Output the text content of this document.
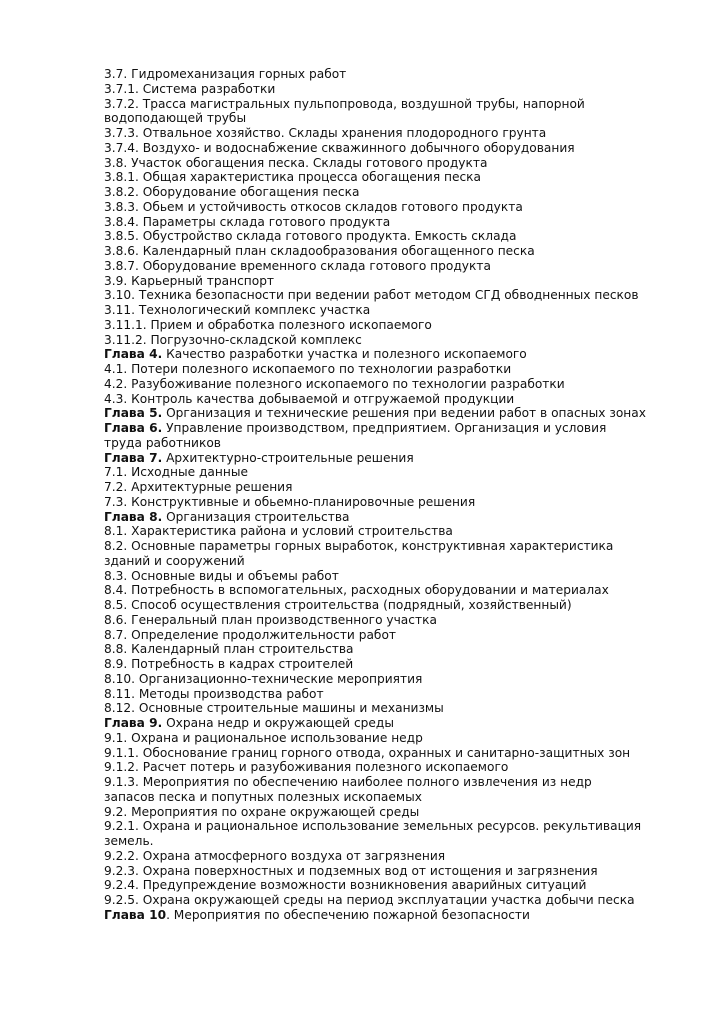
3.7. Гидромеханизация горных работ

3.7.1. Система разработки

3.7.2. Трасса магистральных пульпопровода, воздушной трубы, напорной водоподающей трубы

3.7.3. Отвальное хозяйство. Склады хранения плодородного грунта

3.7.4. Воздухо- и водоснабжение скважинного добычного оборудования

3.8. Участок обогащения песка. Склады готового продукта

3.8.1. Общая характеристика процесса обогащения песка

3.8.2. Оборудование обогащения песка

3.8.3. Обьем и устойчивость откосов складов готового продукта

3.8.4. Параметры склада готового продукта

3.8.5. Обустройство склада готового продукта. Емкость склада

3.8.6. Календарный план складообразования обогащенного песка

3.8.7. Оборудование временного склада готового продукта

3.9. Карьерный транспорт

3.10. Техника безопасности при ведении работ методом СГД обводненных песков

3.11. Технологический комплекс участка

3.11.1. Прием и обработка полезного ископаемого

3.11.2. Погрузочно-складской комплекс

Глава 4. Качество разработки участка и полезного ископаемого

4.1. Потери полезного ископаемого по технологии разработки

4.2. Разубоживание полезного ископаемого по технологии разработки

4.3. Контроль качества добываемой и отгружаемой продукции

Глава 5. Организация и технические решения при ведении работ в опасных зонах

Глава 6. Управление производством, предприятием. Организация и условия труда работников

Глава 7. Архитектурно-строительные решения

7.1. Исходные данные

7.2. Архитектурные решения

7.3. Конструктивные и обьемно-планировочные решения

Глава 8. Организация строительства

8.1. Характеристика района и условий строительства

8.2. Основные параметры горных выработок, конструктивная характеристика зданий и сооружений

8.3. Основные виды и объемы работ

8.4. Потребность в вспомогательных, расходных оборудовании и материалах

8.5. Способ осуществления строительства (подрядный, хозяйственный)

8.6. Генеральный план производственного участка

8.7. Определение продолжительности работ

8.8. Календарный план строительства

8.9. Потребность в кадрах строителей

8.10. Организационно-технические мероприятия

8.11. Методы производства работ

8.12. Основные строительные машины и механизмы

Глава 9. Охрана недр и окружающей среды

9.1. Охрана и рациональное использование недр

9.1.1. Обоснование границ горного отвода, охранных и санитарно-защитных зон

9.1.2. Расчет потерь и разубоживания полезного ископаемого

9.1.3. Мероприятия по обеспечению наиболее полного извлечения из недр запасов песка и попутных полезных ископаемых

9.2. Мероприятия по охране окружающей среды

9.2.1. Охрана и рациональное использование земельных ресурсов. рекультивация земель.

9.2.2. Охрана атмосферного воздуха от загрязнения

9.2.3. Охрана поверхностных и подземных вод от истощения и загрязнения

9.2.4. Предупреждение возможности возникновения аварийных ситуаций

9.2.5. Охрана окружающей среды на период эксплуатации участка добычи песка

Глава 10. Мероприятия по обеспечению пожарной безопасности
